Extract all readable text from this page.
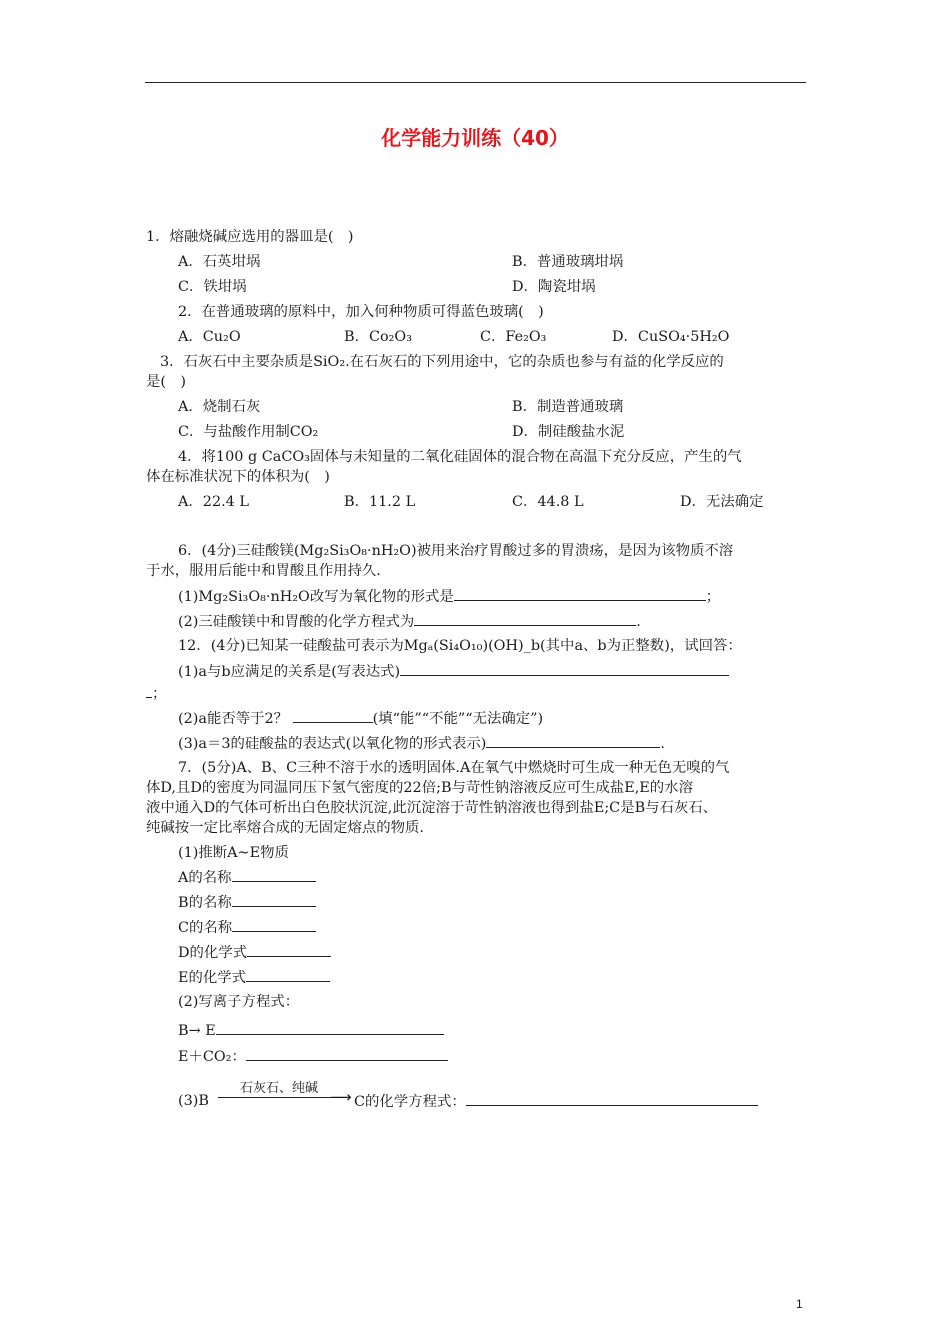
化学能力训练（40）
1．熔融烧碱应选用的器皿是(　)
A．石英坩埚	B．普通玻璃坩埚
C．铁坩埚	D．陶瓷坩埚
2．在普通玻璃的原料中，加入何种物质可得蓝色玻璃(　)
A．Cu₂O	B．Co₂O₃	C．Fe₂O₃	D．CuSO₄·5H₂O
3．石灰石中主要杂质是SiO₂.在石灰石的下列用途中，它的杂质也参与有益的化学反应的
是(　)
A．烧制石灰	B．制造普通玻璃
C．与盐酸作用制CO₂	D．制硅酸盐水泥
4．将100 g CaCO₃固体与未知量的二氧化硅固体的混合物在高温下充分反应，产生的气
体在标准状况下的体积为(　)
A．22.4 L	B．11.2 L	C．44.8 L	D．无法确定
6．(4分)三硅酸镁(Mg₂Si₃O₈·nH₂O)被用来治疗胃酸过多的胃溃疡，是因为该物质不溶
于水，服用后能中和胃酸且作用持久.
(1)Mg₂Si₃O₈·nH₂O改写为氧化物的形式是	；
(2)三硅酸镁中和胃酸的化学方程式为	.
12．(4分)已知某一硅酸盐可表示为Mgₐ(Si₄O₁₀)(OH)_b(其中a、b为正整数)，试回答：
(1)a与b应满足的关系是(写表达式)
；
(2)a能否等于2？	(填“能”“不能”“无法确定”)
(3)a＝3的硅酸盐的表达式(以氧化物的形式表示)	.
7．(5分)A、B、C三种不溶于水的透明固体.A在氧气中燃烧时可生成一种无色无嗅的气
体D,且D的密度为同温同压下氢气密度的22倍;B与苛性钠溶液反应可生成盐E,E的水溶
液中通入D的气体可析出白色胶状沉淀,此沉淀溶于苛性钠溶液也得到盐E;C是B与石灰石、
纯碱按一定比率熔合成的无固定熔点的物质.
(1)推断A~E物质
A的名称
B的名称
C的名称
D的化学式
E的化学式
(2)写离子方程式：
B→ E
E＋CO₂：
(3)B
石灰石、纯碱 ⟶ C的化学方程式：
1
